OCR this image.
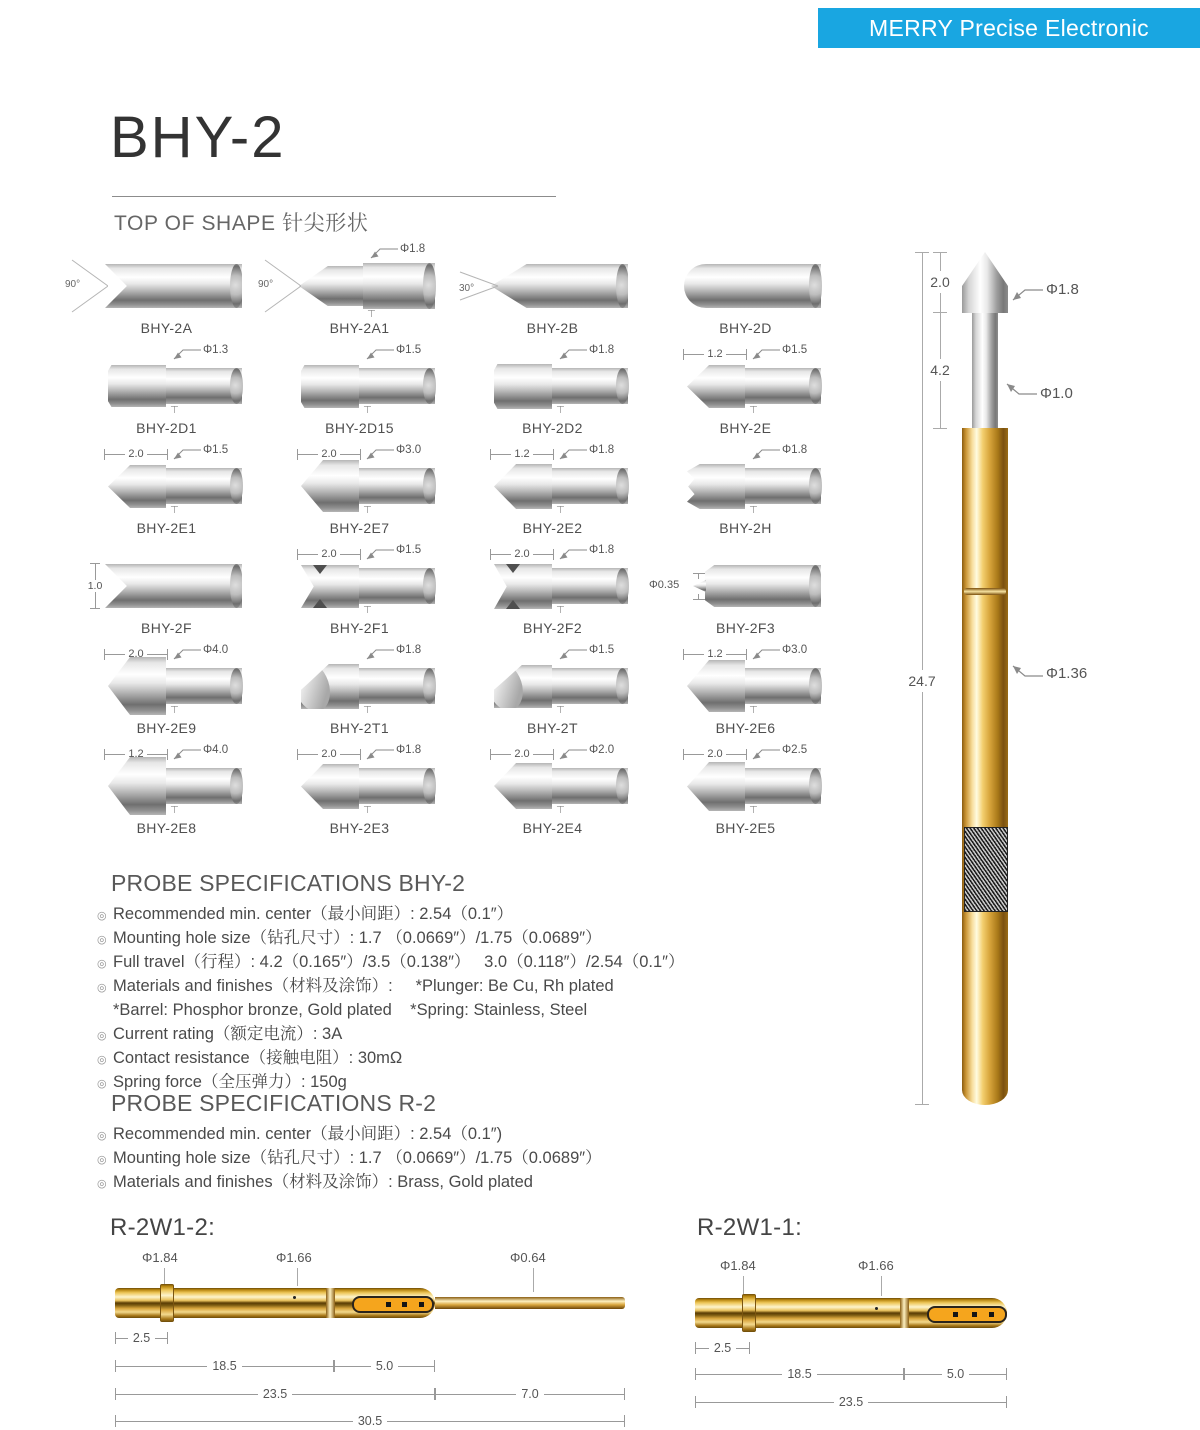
MERRY Precise Electronic
BHY-2
TOP OF SHAPE 针尖形状
90°
BHY-2A
⊤
Φ1.8
90°
BHY-2A1
30°
BHY-2B	BHY-2D
⊤
Φ1.3
BHY-2D1
⊤
Φ1.5
BHY-2D15
⊤
Φ1.8
BHY-2D2
⊤
1.2	Φ1.5
BHY-2E
⊤
2.0	Φ1.5
BHY-2E1
⊤
2.0	Φ3.0
BHY-2E7
⊤
1.2	Φ1.8
BHY-2E2
⊤
Φ1.8
BHY-2H
1.0
BHY-2F
⊤
2.0	Φ1.5
BHY-2F1
⊤
2.0	Φ1.8
BHY-2F2
Φ0.35
BHY-2F3
⊤
2.0	Φ4.0
BHY-2E9
⊤
Φ1.8
BHY-2T1
⊤
Φ1.5
BHY-2T
⊤
1.2	Φ3.0
BHY-2E6
⊤
1.2	Φ4.0
BHY-2E8
⊤
2.0	Φ1.8
BHY-2E3
⊤
2.0	Φ2.0
BHY-2E4
⊤
2.0	Φ2.5
BHY-2E5
24.7
2.0
4.2
Φ1.8
Φ1.0
Φ1.36
PROBE SPECIFICATIONS BHY-2
◎ Recommended min. center（最小间距）: 2.54（0.1″）
◎ Mounting hole size（钻孔尺寸）: 1.7 （0.0669″）/1.75（0.0689″）
◎ Full travel（行程）: 4.2（0.165″）/3.5（0.138″）   3.0（0.118″）/2.54（0.1″）
◎ Materials and finishes（材料及涂饰）:     *Plunger: Be Cu, Rh plated

*Barrel: Phosphor bronze, Gold plated    *Spring: Stainless, Steel
◎ Current rating（额定电流）: 3A
◎ Contact resistance（接触电阻）: 30mΩ
◎ Spring force（全压弹力）: 150g
PROBE SPECIFICATIONS R-2
◎ Recommended min. center（最小间距）: 2.54（0.1″)
◎ Mounting hole size（钻孔尺寸）: 1.7 （0.0669″）/1.75（0.0689″）
◎ Materials and finishes（材料及涂饰）: Brass, Gold plated
R-2W1-2:
Φ1.84	Φ1.66	Φ0.64
2.5
18.5	5.0
23.5	7.0
30.5
R-2W1-1:
Φ1.84	Φ1.66
2.5
18.5	5.0
23.5
